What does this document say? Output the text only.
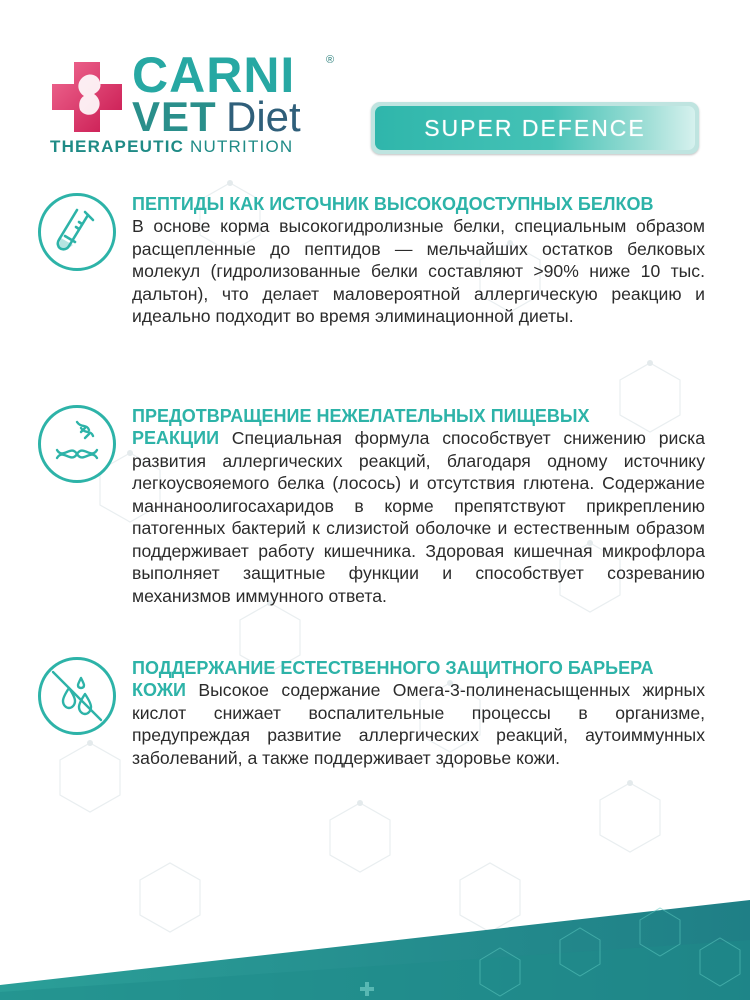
CARNI	®
VET Diet
THERAPEUTIC NUTRITION
SUPER DEFENCE

ПЕПТИДЫ КАК ИСТОЧНИК ВЫСОКОДОСТУПНЫХ БЕЛКОВ

В основе корма высокогидролизные белки, специальным образом расщепленные до пептидов — мельчайших остатков белковых молекул (гидролизованные белки составляют >90% ниже 10 тыс. дальтон), что делает маловероятной аллергическую реакцию и идеально подходит во время элиминационной диеты.

ПРЕДОТВРАЩЕНИЕ НЕЖЕЛАТЕЛЬНЫХ ПИЩЕВЫХ

РЕАКЦИИ Специальная формула способствует снижению риска развития аллергических реакций, благодаря одному источнику легкоусвояемого белка (лосось) и отсутствия глютена. Содержание маннаноолигосахаридов в корме препятствуют прикреплению патогенных бактерий к слизистой оболочке и естественным образом поддерживает работу кишечника. Здоровая кишечная микрофлора выполняет защитные функции и способствует созреванию механизмов иммунного ответа.

ПОДДЕРЖАНИЕ ЕСТЕСТВЕННОГО ЗАЩИТНОГО БАРЬЕРА

КОЖИ Высокое содержание Омега-3-полиненасыщенных жирных кислот снижает воспалительные процессы в организме, предупреждая развитие аллергических реакций, аутоиммунных заболеваний, а также поддерживает здоровье кожи.
